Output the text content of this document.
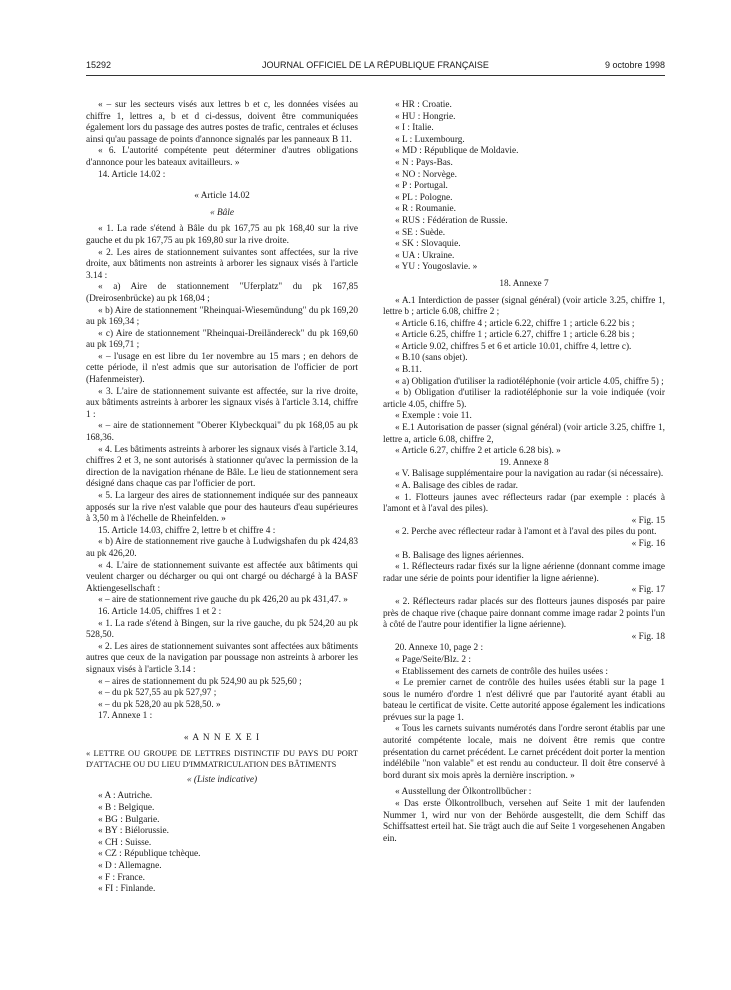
15292	JOURNAL OFFICIEL DE LA RÉPUBLIQUE FRANÇAISE	9 octobre 1998

« – sur les secteurs visés aux lettres b et c, les données visées au chiffre 1, lettres a, b et d ci-dessus, doivent être communiquées également lors du passage des autres postes de trafic, centrales et écluses ainsi qu'au passage de points d'annonce signalés par les panneaux B 11.

« 6. L'autorité compétente peut déterminer d'autres obligations d'annonce pour les bateaux avitailleurs. »

14. Article 14.02 :

« Article 14.02

« Bâle

« 1. La rade s'étend à Bâle du pk 167,75 au pk 168,40 sur la rive gauche et du pk 167,75 au pk 169,80 sur la rive droite.

« 2. Les aires de stationnement suivantes sont affectées, sur la rive droite, aux bâtiments non astreints à arborer les signaux visés à l'article 3.14 :

« a) Aire de stationnement "Uferplatz" du pk 167,85 (Dreirosenbrücke) au pk 168,04 ;

« b) Aire de stationnement "Rheinquai-Wiesemündung" du pk 169,20 au pk 169,34 ;

« c) Aire de stationnement "Rheinquai-Dreiländereck" du pk 169,60 au pk 169,71 ;

« – l'usage en est libre du 1er novembre au 15 mars ; en dehors de cette période, il n'est admis que sur autorisation de l'officier de port (Hafenmeister).

« 3. L'aire de stationnement suivante est affectée, sur la rive droite, aux bâtiments astreints à arborer les signaux visés à l'article 3.14, chiffre 1 :

« – aire de stationnement "Oberer Klybeckquai" du pk 168,05 au pk 168,36.

« 4. Les bâtiments astreints à arborer les signaux visés à l'article 3.14, chiffres 2 et 3, ne sont autorisés à stationner qu'avec la permission de la direction de la navigation rhénane de Bâle. Le lieu de stationnement sera désigné dans chaque cas par l'officier de port.

« 5. La largeur des aires de stationnement indiquée sur des panneaux apposés sur la rive n'est valable que pour des hauteurs d'eau supérieures à 3,50 m à l'échelle de Rheinfelden. »

15. Article 14.03, chiffre 2, lettre b et chiffre 4 :

« b) Aire de stationnement rive gauche à Ludwigshafen du pk 424,83 au pk 426,20.

« 4. L'aire de stationnement suivante est affectée aux bâtiments qui veulent charger ou décharger ou qui ont chargé ou déchargé à la BASF Aktiengesellschaft :

« – aire de stationnement rive gauche du pk 426,20 au pk 431,47. »

16. Article 14.05, chiffres 1 et 2 :

« 1. La rade s'étend à Bingen, sur la rive gauche, du pk 524,20 au pk 528,50.

« 2. Les aires de stationnement suivantes sont affectées aux bâtiments autres que ceux de la navigation par poussage non astreints à arborer les signaux visés à l'article 3.14 :

« – aires de stationnement du pk 524,90 au pk 525,60 ;

« – du pk 527,55 au pk 527,97 ;

« – du pk 528,20 au pk 528,50. »

17. Annexe 1 :

« A N N E X E I

« LETTRE OU GROUPE DE LETTRES DISTINCTIF DU PAYS DU PORT D'ATTACHE OU DU LIEU D'IMMATRICULATION DES BÂTIMENTS

« (Liste indicative)

« A : Autriche.

« B : Belgique.

« BG : Bulgarie.

« BY : Biélorussie.

« CH : Suisse.

« CZ : République tchèque.

« D : Allemagne.

« F : France.

« FI : Finlande.

« HR : Croatie.

« HU : Hongrie.

« I : Italie.

« L : Luxembourg.

« MD : République de Moldavie.

« N : Pays-Bas.

« NO : Norvège.

« P : Portugal.

« PL : Pologne.

« R : Roumanie.

« RUS : Fédération de Russie.

« SE : Suède.

« SK : Slovaquie.

« UA : Ukraine.

« YU : Yougoslavie. »

18. Annexe 7

« A.1 Interdiction de passer (signal général) (voir article 3.25, chiffre 1, lettre b ; article 6.08, chiffre 2 ;

« Article 6.16, chiffre 4 ; article 6.22, chiffre 1 ; article 6.22 bis ;

« Article 6.25, chiffre 1 ; article 6.27, chiffre 1 ; article 6.28 bis ;

« Article 9.02, chiffres 5 et 6 et article 10.01, chiffre 4, lettre c).

« B.10 (sans objet).

« B.11.

« a) Obligation d'utiliser la radiotéléphonie (voir article 4.05, chiffre 5) ;

« b) Obligation d'utiliser la radiotéléphonie sur la voie indiquée (voir article 4.05, chiffre 5).

« Exemple : voie 11.

« E.1 Autorisation de passer (signal général) (voir article 3.25, chiffre 1, lettre a, article 6.08, chiffre 2,

« Article 6.27, chiffre 2 et article 6.28 bis). »

19. Annexe 8

« V. Balisage supplémentaire pour la navigation au radar (si nécessaire).

« A. Balisage des cibles de radar.

« 1. Flotteurs jaunes avec réflecteurs radar (par exemple : placés à l'amont et à l'aval des piles).

« Fig. 15

« 2. Perche avec réflecteur radar à l'amont et à l'aval des piles du pont.

« Fig. 16

« B. Balisage des lignes aériennes.

« 1. Réflecteurs radar fixés sur la ligne aérienne (donnant comme image radar une série de points pour identifier la ligne aérienne).

« Fig. 17

« 2. Réflecteurs radar placés sur des flotteurs jaunes disposés par paire près de chaque rive (chaque paire donnant comme image radar 2 points l'un à côté de l'autre pour identifier la ligne aérienne).

« Fig. 18

20. Annexe 10, page 2 :

« Page/Seite/Blz. 2 :

« Etablissement des carnets de contrôle des huiles usées :

« Le premier carnet de contrôle des huiles usées établi sur la page 1 sous le numéro d'ordre 1 n'est délivré que par l'autorité ayant établi au bateau le certificat de visite. Cette autorité appose également les indications prévues sur la page 1.

« Tous les carnets suivants numérotés dans l'ordre seront établis par une autorité compétente locale, mais ne doivent être remis que contre présentation du carnet précédent. Le carnet précédent doit porter la mention indélébile "non valable" et est rendu au conducteur. Il doit être conservé à bord durant six mois après la dernière inscription. »

« Ausstellung der Ölkontrollbücher :

« Das erste Ölkontrollbuch, versehen auf Seite 1 mit der laufenden Nummer 1, wird nur von der Behörde ausgestellt, die dem Schiff das Schiffsattest erteil hat. Sie trägt auch die auf Seite 1 vorgesehenen Angaben ein.
